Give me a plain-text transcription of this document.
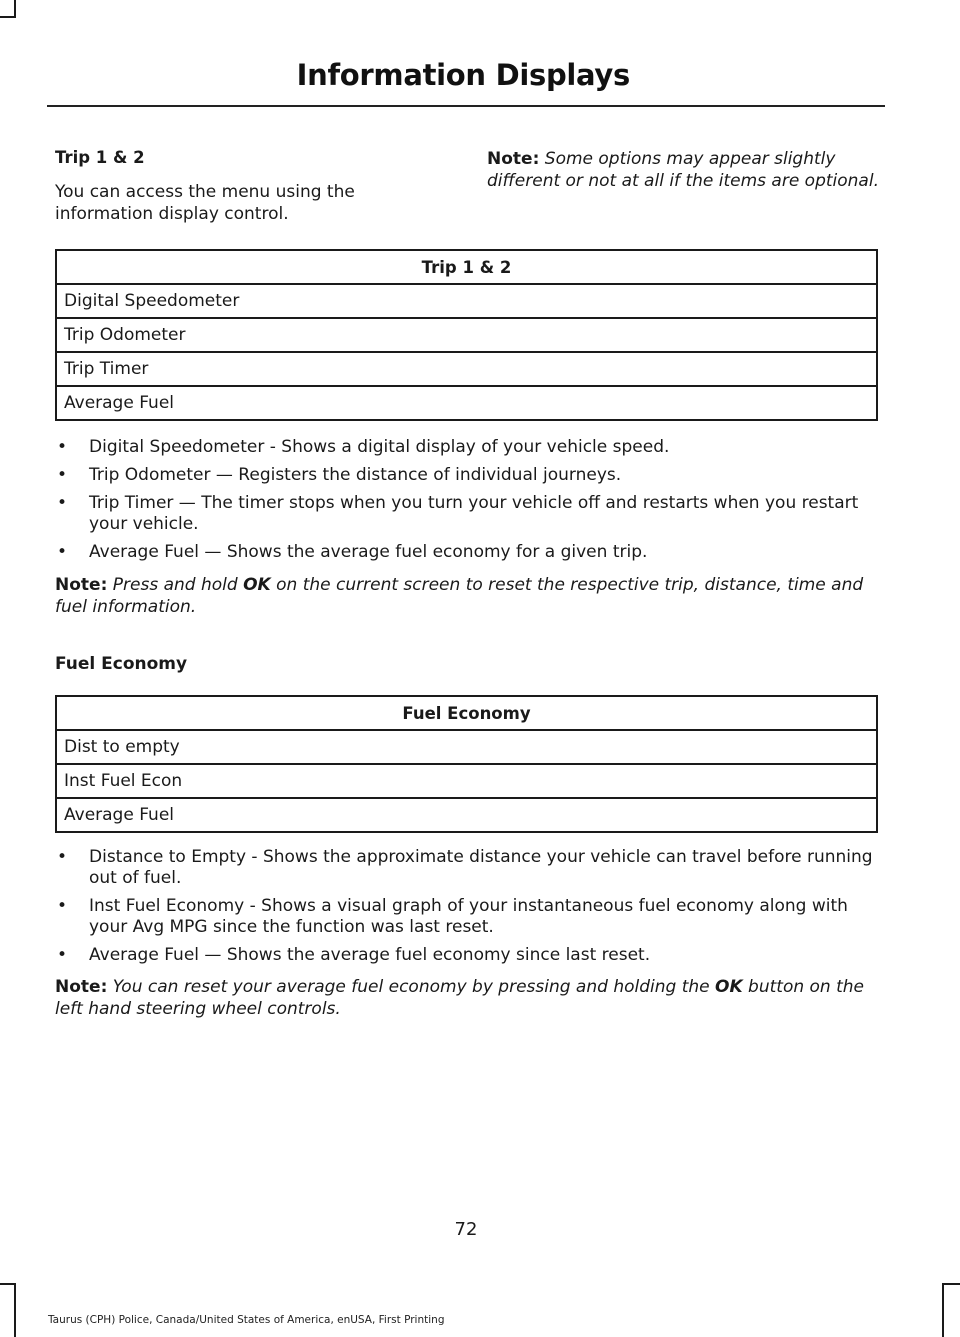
Information Displays

Trip 1 & 2

You can access the menu using the information display control.

Note: Some options may appear slightly different or not at all if the items are optional.

Trip 1 & 2
Digital Speedometer
Trip Odometer
Trip Timer
Average Fuel
• Digital Speedometer - Shows a digital display of your vehicle speed.
• Trip Odometer — Registers the distance of individual journeys.
• Trip Timer — The timer stops when you turn your vehicle off and restarts when you restart your vehicle.
• Average Fuel — Shows the average fuel economy for a given trip.

Note: Press and hold OK on the current screen to reset the respective trip, distance, time and fuel information.

Fuel Economy

Fuel Economy
Dist to empty
Inst Fuel Econ
Average Fuel
• Distance to Empty - Shows the approximate distance your vehicle can travel before running out of fuel.
• Inst Fuel Economy - Shows a visual graph of your instantaneous fuel economy along with your Avg MPG since the function was last reset.
• Average Fuel — Shows the average fuel economy since last reset.

Note: You can reset your average fuel economy by pressing and holding the OK button on the left hand steering wheel controls.

72
Taurus (CPH) Police, Canada/United States of America, enUSA, First Printing
